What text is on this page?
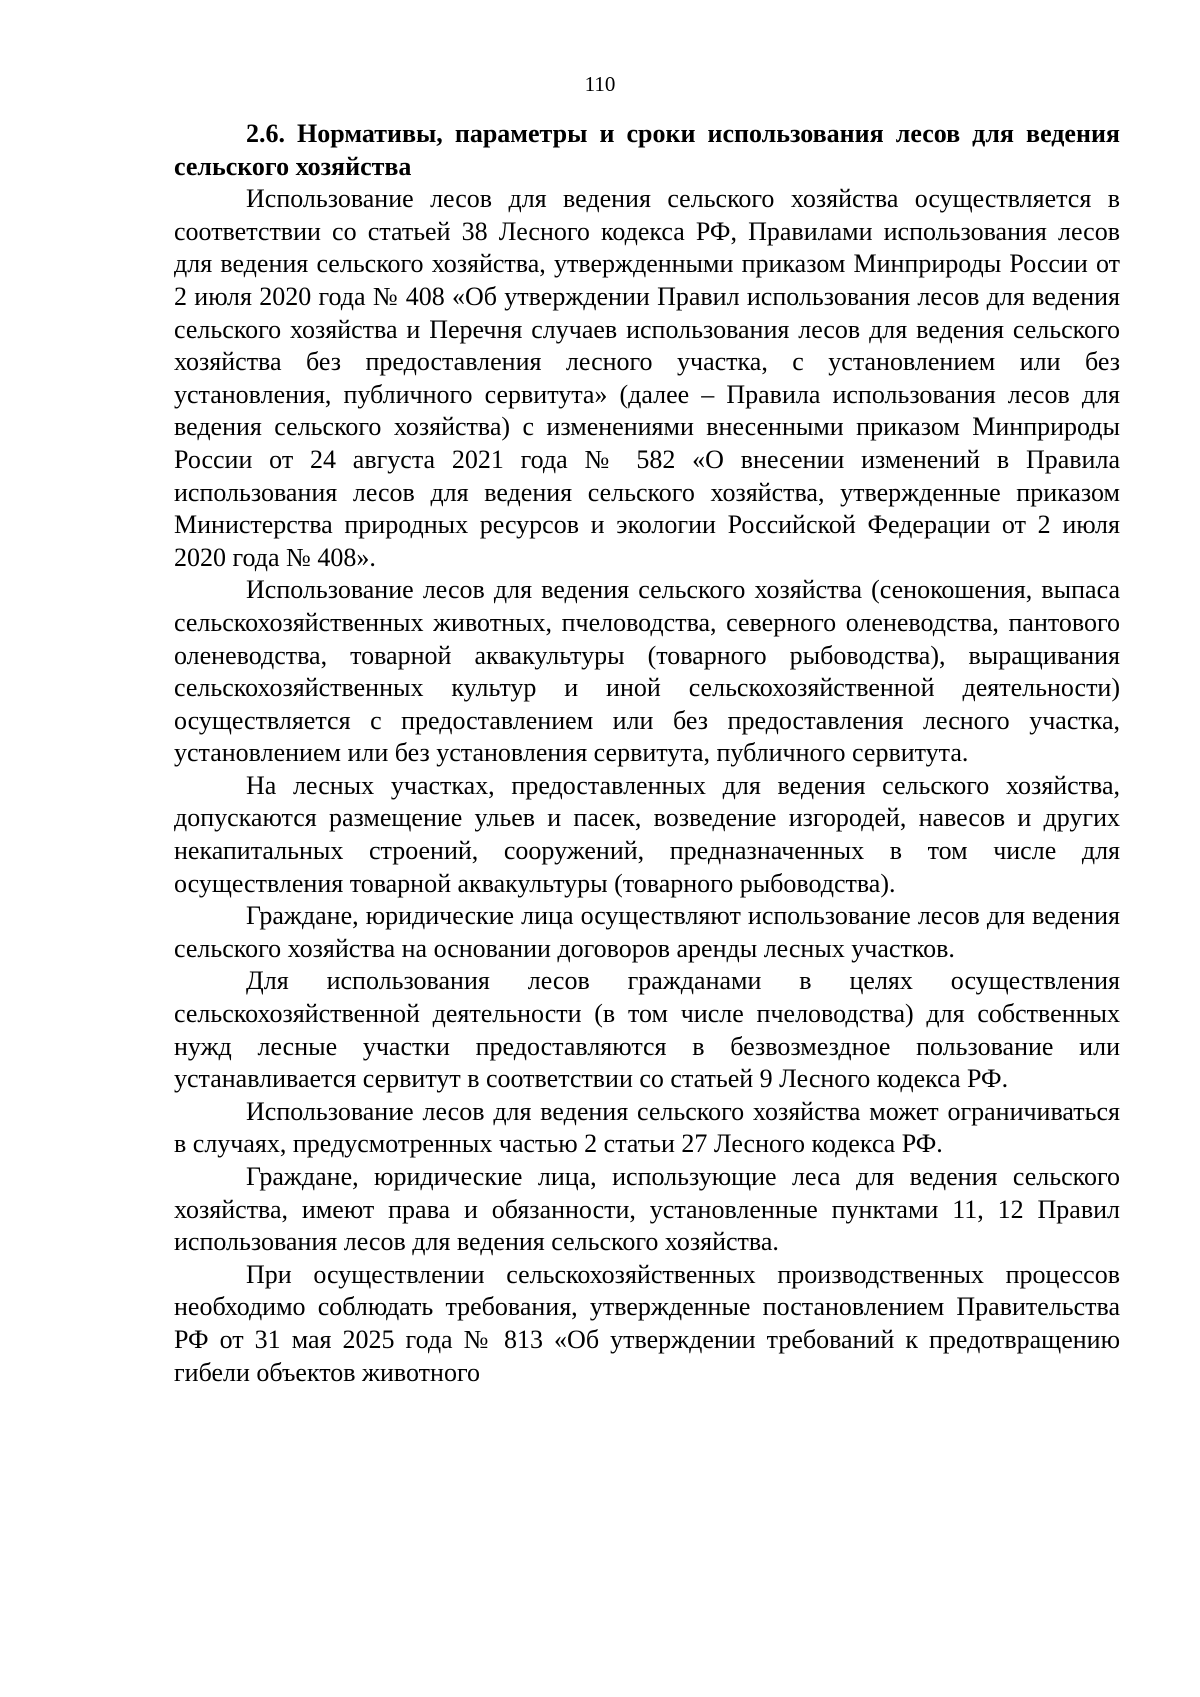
110

2.6. Нормативы, параметры и сроки использования лесов для ведения сельского хозяйства

Использование лесов для ведения сельского хозяйства осуществляется в соответствии со статьей 38 Лесного кодекса РФ, Правилами использования лесов для ведения сельского хозяйства, утвержденными приказом Минприроды России от 2 июля 2020 года № 408 «Об утверждении Правил использования лесов для ведения сельского хозяйства и Перечня случаев использования лесов для ведения сельского хозяйства без предоставления лесного участка, с установлением или без установления, публичного сервитута» (далее – Правила использования лесов для ведения сельского хозяйства) с изменениями внесенными приказом Минприроды России от 24 августа 2021 года № 582 «О внесении изменений в Правила использования лесов для ведения сельского хозяйства, утвержденные приказом Министерства природных ресурсов и экологии Российской Федерации от 2 июля 2020 года № 408».

Использование лесов для ведения сельского хозяйства (сенокошения, выпаса сельскохозяйственных животных, пчеловодства, северного оленеводства, пантового оленеводства, товарной аквакультуры (товарного рыбоводства), выращивания сельскохозяйственных культур и иной сельскохозяйственной деятельности) осуществляется с предоставлением или без предоставления лесного участка, установлением или без установления сервитута, публичного сервитута.

На лесных участках, предоставленных для ведения сельского хозяйства, допускаются размещение ульев и пасек, возведение изгородей, навесов и других некапитальных строений, сооружений, предназначенных в том числе для осуществления товарной аквакультуры (товарного рыбоводства).

Граждане, юридические лица осуществляют использование лесов для ведения сельского хозяйства на основании договоров аренды лесных участков.

Для использования лесов гражданами в целях осуществления сельскохозяйственной деятельности (в том числе пчеловодства) для собственных нужд лесные участки предоставляются в безвозмездное пользование или устанавливается сервитут в соответствии со статьей 9 Лесного кодекса РФ.

Использование лесов для ведения сельского хозяйства может ограничиваться в случаях, предусмотренных частью 2 статьи 27 Лесного кодекса РФ.

Граждане, юридические лица, использующие леса для ведения сельского хозяйства, имеют права и обязанности, установленные пунктами 11, 12 Правил использования лесов для ведения сельского хозяйства.

При осуществлении сельскохозяйственных производственных процессов необходимо соблюдать требования, утвержденные постановлением Правительства РФ от 31 мая 2025 года № 813 «Об утверждении требований к предотвращению гибели объектов животного
